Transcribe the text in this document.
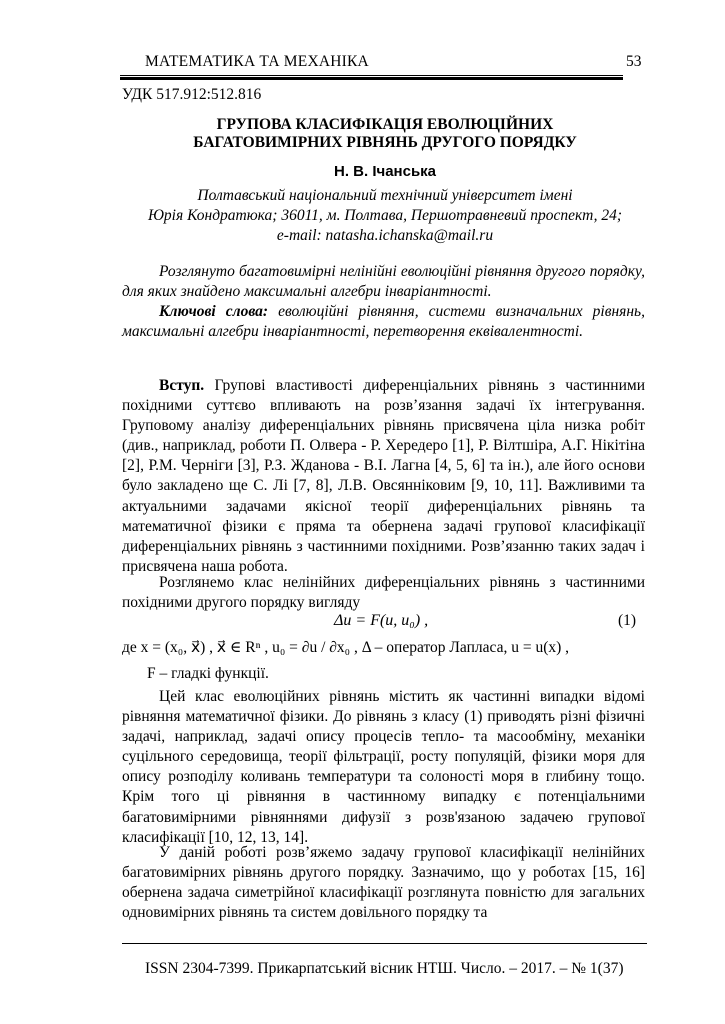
МАТЕМАТИКА ТА МЕХАНІКА	53
УДК 517.912:512.816
ГРУПОВА КЛАСИФІКАЦІЯ ЕВОЛЮЦІЙНИХ
БАГАТОВИМІРНИХ РІВНЯНЬ ДРУГОГО ПОРЯДКУ
Н. В. Ічанська
Полтавський національний технічний університет імені
Юрія Кондратюка; 36011, м. Полтава, Першотравневий проспект, 24;
e-mail: natasha.ichanska@mail.ru
Розглянуто багатовимірні нелінійні еволюційні рівняння другого порядку, для яких знайдено максимальні алгебри інваріантності.
Ключові слова: еволюційні рівняння, системи визначальних рівнянь, максимальні алгебри інваріантності, перетворення еквівалентності.
Вступ. Групові властивості диференціальних рівнянь з частинними похідними суттєво впливають на розв’язання задачі їх інтегрування. Груповому аналізу диференціальних рівнянь присвячена ціла низка робіт (див., наприклад, роботи П. Олвера - Р. Хередеро [1], Р. Вілтшіра, А.Г. Нікітіна [2], Р.М. Черніги [3], Р.З. Жданова - В.І. Лагна [4, 5, 6] та ін.), але його основи було закладено ще С. Лі [7, 8], Л.В. Овсянніковим [9, 10, 11]. Важливими та актуальними задачами якісної теорії диференціальних рівнянь та математичної фізики є пряма та обернена задачі групової класифікації диференціальних рівнянь з частинними похідними. Розв’язанню таких задач і присвячена наша робота.
Розглянемо клас нелінійних диференціальних рівнянь з частинними похідними другого порядку вигляду
Δu = F(u, u₀) ,	(1)
де x = (x₀, x⃗) , x⃗ ∈ Rⁿ , u₀ = ∂u / ∂x₀ , Δ – оператор Лапласа, u = u(x) ,
F – гладкі функції.
Цей клас еволюційних рівнянь містить як частинні випадки відомі рівняння математичної фізики. До рівнянь з класу (1) приводять різні фізичні задачі, наприклад, задачі опису процесів тепло- та масообміну, механіки суцільного середовища, теорії фільтрації, росту популяцій, фізики моря для опису розподілу коливань температури та солоності моря в глибину тощо. Крім того ці рівняння в частинному випадку є потенціальними багатовимірними рівняннями дифузії з розв'язаною задачею групової класифікації [10, 12, 13, 14].
У даній роботі розв’яжемо задачу групової класифікації нелінійних багатовимірних рівнянь другого порядку. Зазначимо, що у роботах [15, 16] обернена задача симетрійної класифікації розглянута повністю для загальних одновимірних рівнянь та систем довільного порядку та
ISSN 2304-7399. Прикарпатський вісник НТШ. Число. – 2017. – № 1(37)
